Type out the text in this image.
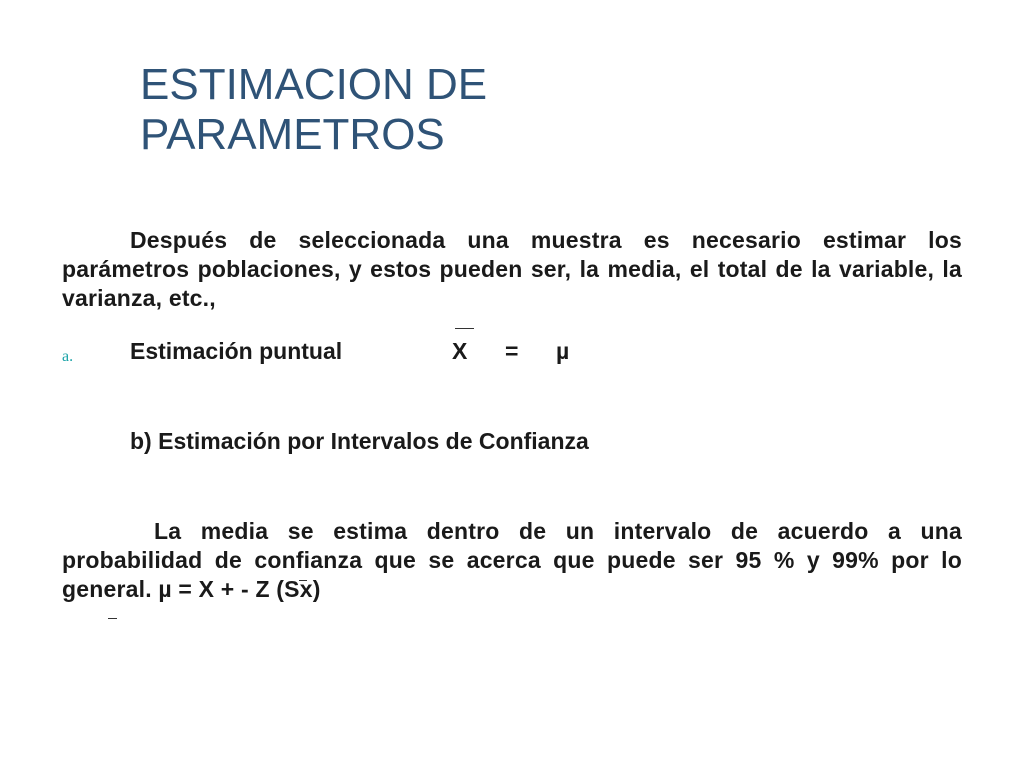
ESTIMACION DE
PARAMETROS

Después de seleccionada una muestra es necesario estimar los parámetros poblaciones, y estos pueden ser, la media, el total de la variable, la varianza, etc.,

a. Estimación puntual	X = µ

b) Estimación por Intervalos de Confianza

La media se estima dentro de un intervalo de acuerdo a una probabilidad de confianza que se acerca que puede ser 95 % y 99% por lo general. µ = X + - Z (Sx)
